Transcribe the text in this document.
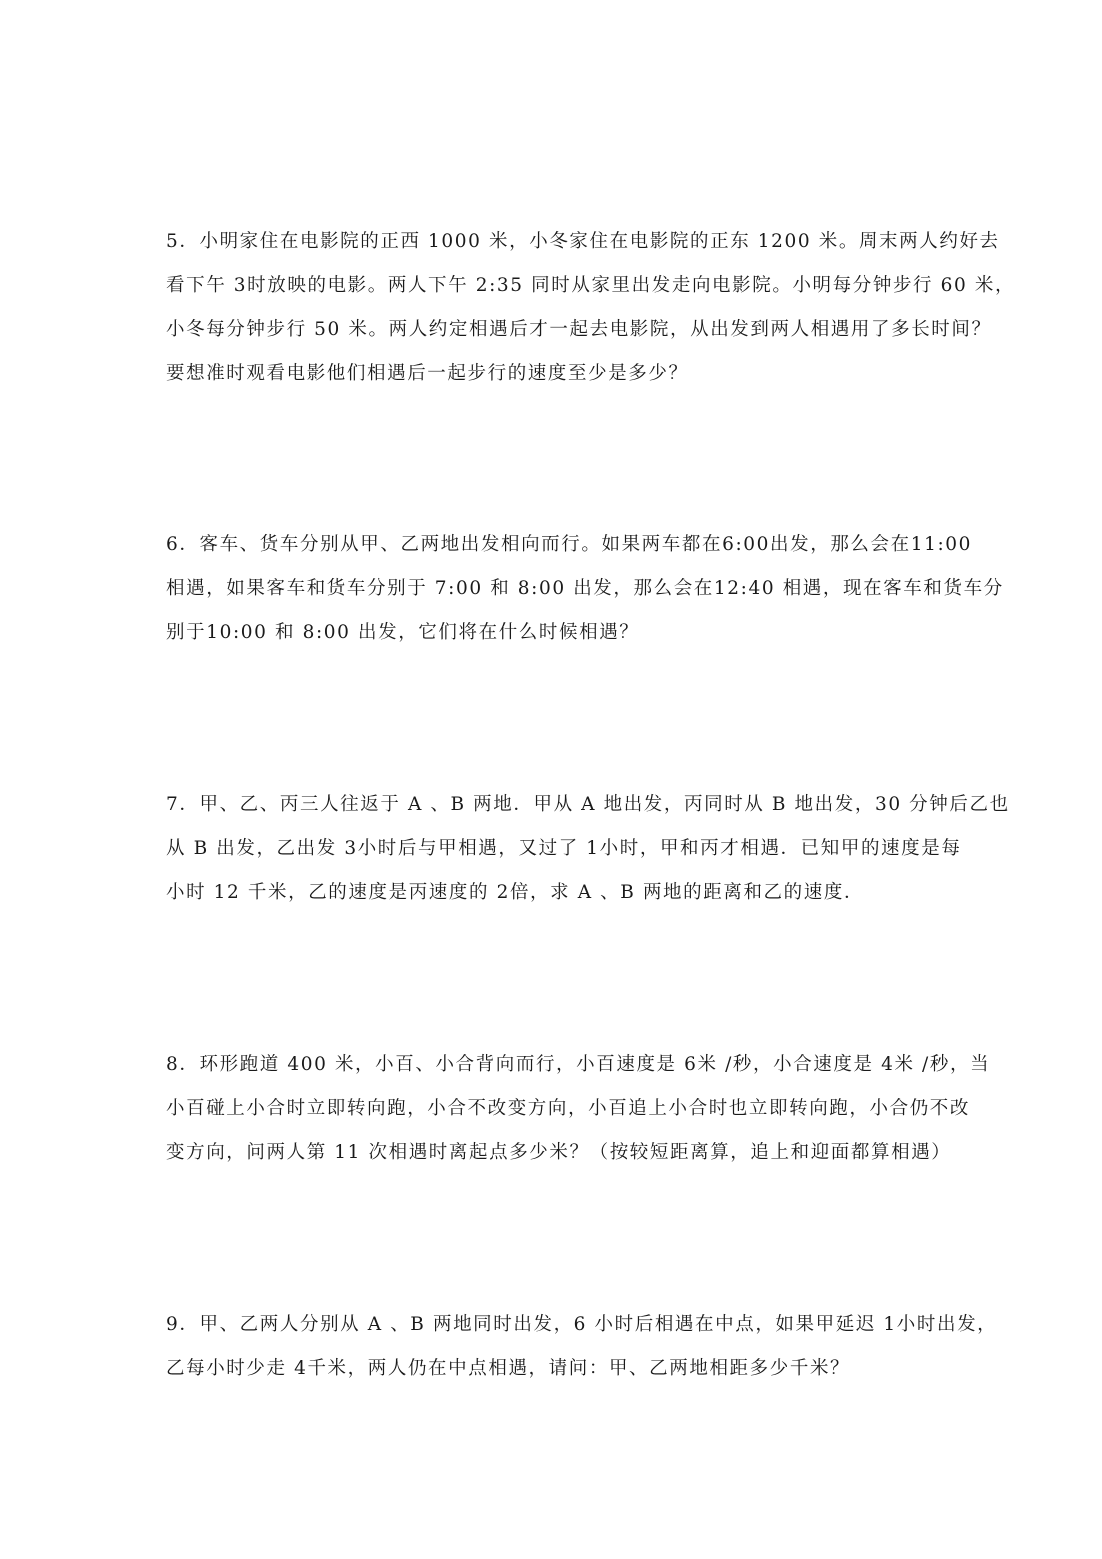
5．小明家住在电影院的正西 1000 米，小冬家住在电影院的正东 1200 米。周末两人约好去
看下午 3时放映的电影。两人下午 2:35 同时从家里出发走向电影院。小明每分钟步行 60 米，
小冬每分钟步行 50 米。两人约定相遇后才一起去电影院，从出发到两人相遇用了多长时间？
要想准时观看电影他们相遇后一起步行的速度至少是多少？
6．客车、货车分别从甲、乙两地出发相向而行。如果两车都在6:00出发，那么会在11:00
相遇，如果客车和货车分别于 7:00 和 8:00 出发，那么会在12:40 相遇，现在客车和货车分
别于10:00 和 8:00 出发，它们将在什么时候相遇？
7．甲、乙、丙三人往返于 A 、B 两地．甲从 A 地出发，丙同时从 B 地出发，30 分钟后乙也
从 B 出发，乙出发 3小时后与甲相遇，又过了 1小时，甲和丙才相遇．已知甲的速度是每
小时 12 千米，乙的速度是丙速度的 2倍，求 A 、B 两地的距离和乙的速度．
8．环形跑道 400 米，小百、小合背向而行，小百速度是 6米 /秒，小合速度是 4米 /秒，当
小百碰上小合时立即转向跑，小合不改变方向，小百追上小合时也立即转向跑，小合仍不改
变方向，问两人第 11 次相遇时离起点多少米？（按较短距离算，追上和迎面都算相遇）
9．甲、乙两人分别从 A 、B 两地同时出发，6 小时后相遇在中点，如果甲延迟 1小时出发，
乙每小时少走 4千米，两人仍在中点相遇，请问：甲、乙两地相距多少千米？
